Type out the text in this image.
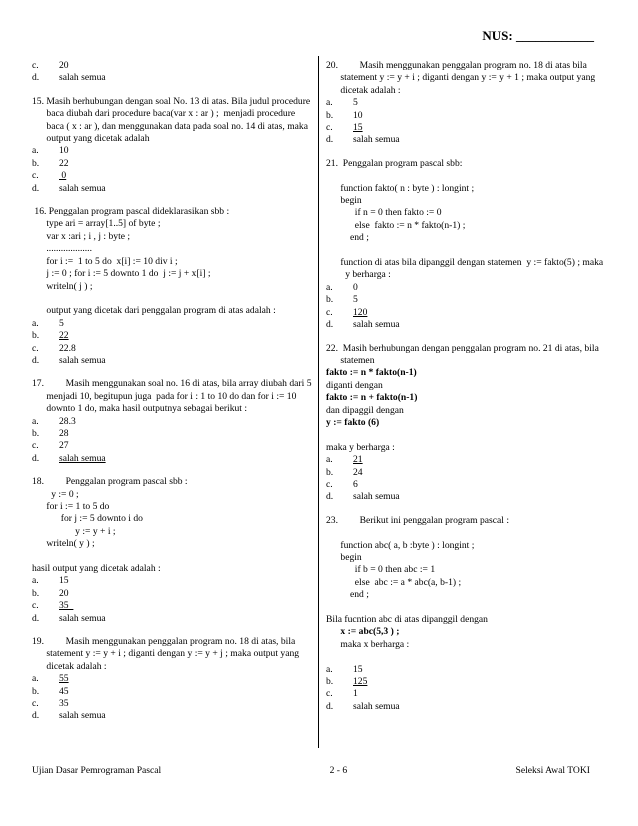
NUS: ____________
c.	20
d.	salah semua
15. Masih berhubungan dengan soal No. 13 di atas. Bila judul procedure
baca diubah dari procedure baca(var x : ar ) ;  menjadi procedure
baca ( x : ar ), dan menggunakan data pada soal no. 14 di atas, maka
output yang dicetak adalah
a.	10
b.	22
c.	0
d.	salah semua
16. Penggalan program pascal dideklarasikan sbb :
type ari = array[1..5] of byte ;
var x :ari ; i , j : byte ;
...................
for i :=  1 to 5 do  x[i] := 10 div i ;
j := 0 ; for i := 5 downto 1 do  j := j + x[i] ;
writeln( j ) ;
output yang dicetak dari penggalan program di atas adalah :
a.	5
b.	22
c.	22.8
d.	salah semua
17.         Masih menggunakan soal no. 16 di atas, bila array diubah dari 5
menjadi 10, begitupun juga  pada for i : 1 to 10 do dan for i := 10
downto 1 do, maka hasil outputnya sebagai berikut :
a.	28.3
b.	28
c.	27
d.	salah semua
18.         Penggalan program pascal sbb :
y := 0 ;
for i := 1 to 5 do
for j := 5 downto i do
y := y + i ;
writeln( y ) ;
hasil output yang dicetak adalah :
a.	15
b.	20
c.	35
d.	salah semua
19.         Masih menggunakan penggalan program no. 18 di atas, bila
statement y := y + i ; diganti dengan y := y + j ; maka output yang
dicetak adalah :
a.	55
b.	45
c.	35
d.	salah semua
20.         Masih menggunakan penggalan program no. 18 di atas bila
statement y := y + i ; diganti dengan y := y + 1 ; maka output yang
dicetak adalah :
a.	5
b.	10
c.	15
d.	salah semua
21.  Penggalan program pascal sbb:
function fakto( n : byte ) : longint ;
begin
if n = 0 then fakto := 0
else  fakto := n * fakto(n-1) ;
end ;
function di atas bila dipanggil dengan statemen  y := fakto(5) ; maka
y berharga :
a.	0
b.	5
c.	120
d.	salah semua
22.  Masih berhubungan dengan penggalan program no. 21 di atas, bila
statemen
fakto := n * fakto(n-1)
diganti dengan
fakto := n + fakto(n-1)
dan dipaggil dengan
y := fakto (6)
maka y berharga :
a.	21
b.	24
c.	6
d.	salah semua
23.         Berikut ini penggalan program pascal :
function abc( a, b :byte ) : longint ;
begin
if b = 0 then abc := 1
else  abc := a * abc(a, b-1) ;
end ;
Bila fucntion abc di atas dipanggil dengan
x := abc(5,3 ) ;
maka x berharga :
a.	15
b.	125
c.	1
d.	salah semua
Ujian Dasar Pemrograman Pascal	2 - 6	Seleksi Awal TOKI
